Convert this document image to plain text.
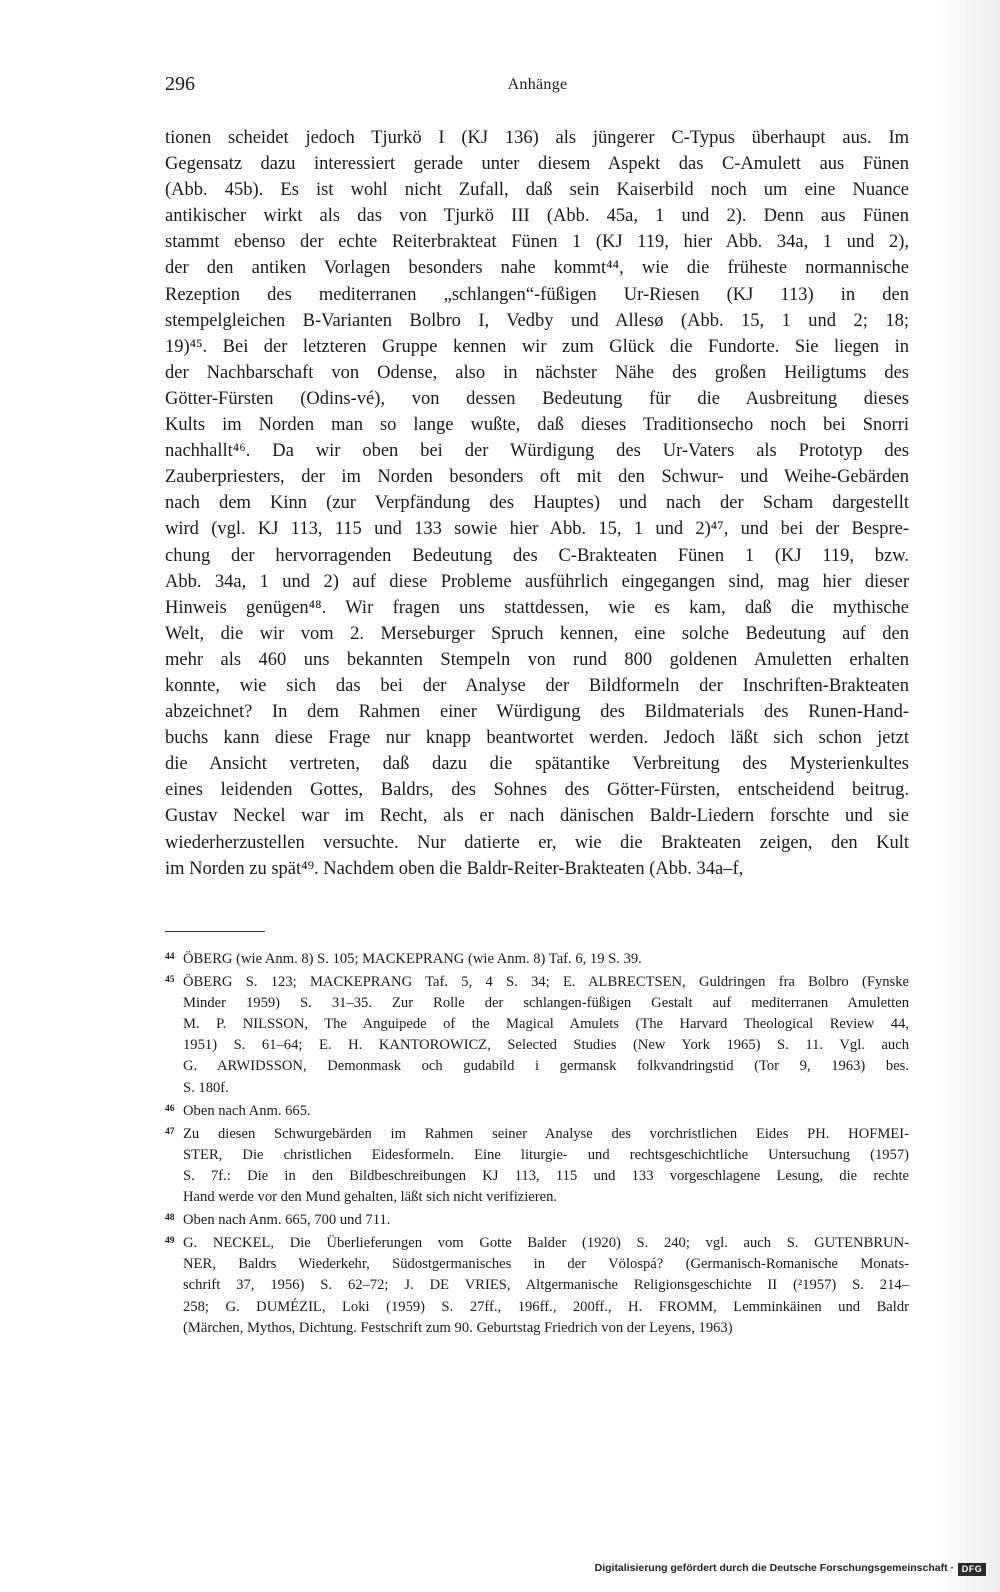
296	Anhänge
tionen scheidet jedoch Tjurkö I (KJ 136) als jüngerer C-Typus überhaupt aus. Im
Gegensatz dazu interessiert gerade unter diesem Aspekt das C-Amulett aus Fünen
(Abb. 45b). Es ist wohl nicht Zufall, daß sein Kaiserbild noch um eine Nuance
antikischer wirkt als das von Tjurkö III (Abb. 45a, 1 und 2). Denn aus Fünen
stammt ebenso der echte Reiterbrakteat Fünen 1 (KJ 119, hier Abb. 34a, 1 und 2),
der den antiken Vorlagen besonders nahe kommt⁴⁴, wie die früheste normannische
Rezeption des mediterranen „schlangen“-füßigen Ur-Riesen (KJ 113) in den
stempelgleichen B-Varianten Bolbro I, Vedby und Allesø (Abb. 15, 1 und 2; 18;
19)⁴⁵. Bei der letzteren Gruppe kennen wir zum Glück die Fundorte. Sie liegen in
der Nachbarschaft von Odense, also in nächster Nähe des großen Heiligtums des
Götter-Fürsten (Odins-vé), von dessen Bedeutung für die Ausbreitung dieses
Kults im Norden man so lange wußte, daß dieses Traditionsecho noch bei Snorri
nachhallt⁴⁶. Da wir oben bei der Würdigung des Ur-Vaters als Prototyp des
Zauberpriesters, der im Norden besonders oft mit den Schwur- und Weihe-Gebärden
nach dem Kinn (zur Verpfändung des Hauptes) und nach der Scham dargestellt
wird (vgl. KJ 113, 115 und 133 sowie hier Abb. 15, 1 und 2)⁴⁷, und bei der Bespre-
chung der hervorragenden Bedeutung des C-Brakteaten Fünen 1 (KJ 119, bzw.
Abb. 34a, 1 und 2) auf diese Probleme ausführlich eingegangen sind, mag hier dieser
Hinweis genügen⁴⁸. Wir fragen uns stattdessen, wie es kam, daß die mythische
Welt, die wir vom 2. Merseburger Spruch kennen, eine solche Bedeutung auf den
mehr als 460 uns bekannten Stempeln von rund 800 goldenen Amuletten erhalten
konnte, wie sich das bei der Analyse der Bildformeln der Inschriften-Brakteaten
abzeichnet? In dem Rahmen einer Würdigung des Bildmaterials des Runen-Hand-
buchs kann diese Frage nur knapp beantwortet werden. Jedoch läßt sich schon jetzt
die Ansicht vertreten, daß dazu die spätantike Verbreitung des Mysterienkultes
eines leidenden Gottes, Baldrs, des Sohnes des Götter-Fürsten, entscheidend beitrug.
Gustav Neckel war im Recht, als er nach dänischen Baldr-Liedern forschte und sie
wiederherzustellen versuchte. Nur datierte er, wie die Brakteaten zeigen, den Kult
im Norden zu spät⁴⁹. Nachdem oben die Baldr-Reiter-Brakteaten (Abb. 34a–f,
44 ÖBERG (wie Anm. 8) S. 105; MACKEPRANG (wie Anm. 8) Taf. 6, 19 S. 39.
45 ÖBERG S. 123; MACKEPRANG Taf. 5, 4 S. 34; E. ALBRECTSEN, Guldringen fra Bolbro (Fynske
Minder 1959) S. 31–35. Zur Rolle der schlangen-füßigen Gestalt auf mediterranen Amuletten
M. P. NILSSON, The Anguipede of the Magical Amulets (The Harvard Theological Review 44,
1951) S. 61–64; E. H. KANTOROWICZ, Selected Studies (New York 1965) S. 11. Vgl. auch
G. ARWIDSSON, Demonmask och gudabild i germansk folkvandringstid (Tor 9, 1963) bes.
S. 180f.
46 Oben nach Anm. 665.
47 Zu diesen Schwurgebärden im Rahmen seiner Analyse des vorchristlichen Eides PH. HOFMEI-
STER, Die christlichen Eidesformeln. Eine liturgie- und rechtsgeschichtliche Untersuchung (1957)
S. 7f.: Die in den Bildbeschreibungen KJ 113, 115 und 133 vorgeschlagene Lesung, die rechte
Hand werde vor den Mund gehalten, läßt sich nicht verifizieren.
48 Oben nach Anm. 665, 700 und 711.
49 G. NECKEL, Die Überlieferungen vom Gotte Balder (1920) S. 240; vgl. auch S. GUTENBRUN-
NER, Baldrs Wiederkehr, Südostgermanisches in der Völospá? (Germanisch-Romanische Monats-
schrift 37, 1956) S. 62–72; J. DE VRIES, Altgermanische Religionsgeschichte II (²1957) S. 214–
258; G. DUMÉZIL, Loki (1959) S. 27ff., 196ff., 200ff., H. FROMM, Lemminkäinen und Baldr
(Märchen, Mythos, Dichtung. Festschrift zum 90. Geburtstag Friedrich von der Leyens, 1963)
Digitalisierung gefördert durch die Deutsche Forschungsgemeinschaft · DFG
